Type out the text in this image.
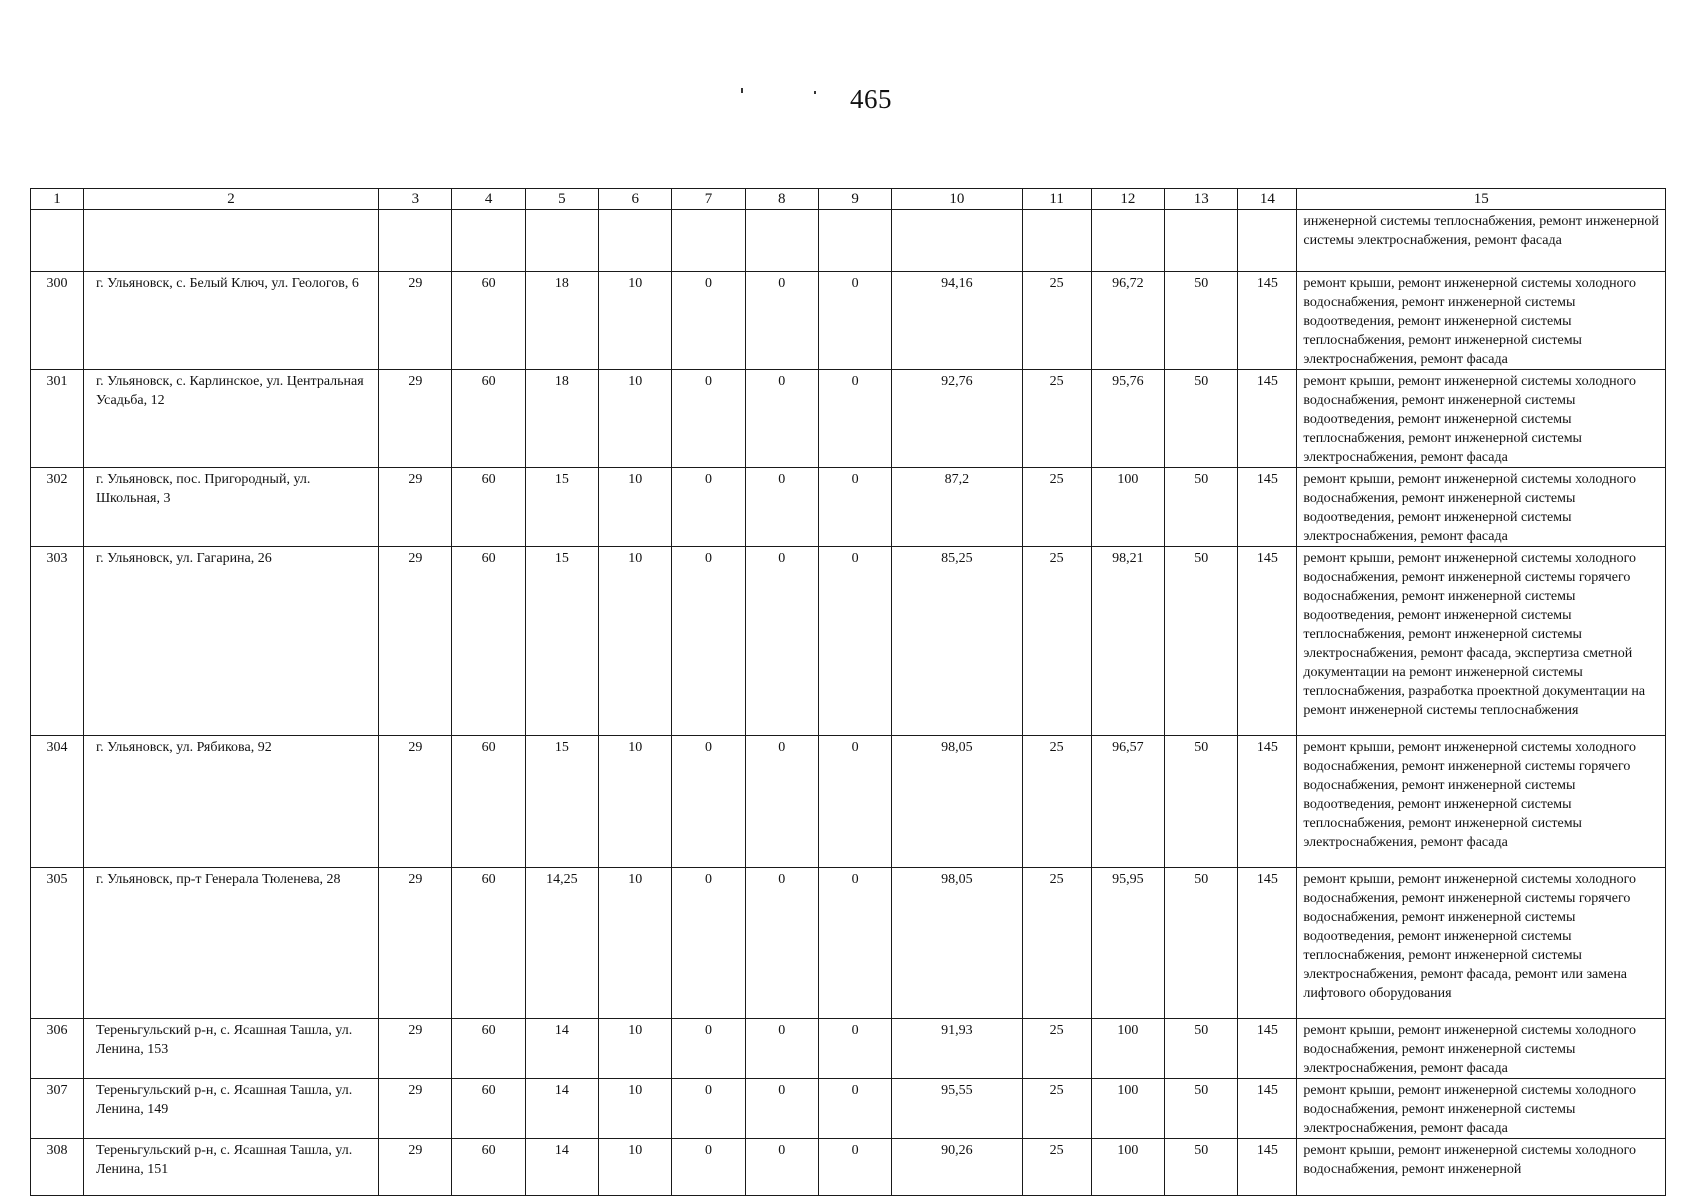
465
1	2	3	4	5	6	7	8	9	10	11	12	13	14	15
														инженерной системы теплоснабжения, ремонт инженерной системы электроснабжения, ремонт фасада
300	г. Ульяновск, с. Белый Ключ, ул. Геологов, 6	29	60	18	10	0	0	0	94,16	25	96,72	50	145	ремонт крыши, ремонт инженерной системы холодного водоснабжения, ремонт инженерной системы водоотведения, ремонт инженерной системы теплоснабжения, ремонт инженерной системы электроснабжения, ремонт фасада
301	г. Ульяновск, с. Карлинское, ул. Центральная Усадьба, 12	29	60	18	10	0	0	0	92,76	25	95,76	50	145	ремонт крыши, ремонт инженерной системы холодного водоснабжения, ремонт инженерной системы водоотведения, ремонт инженерной системы теплоснабжения, ремонт инженерной системы электроснабжения, ремонт фасада
302	г. Ульяновск, пос. Пригородный, ул. Школьная, 3	29	60	15	10	0	0	0	87,2	25	100	50	145	ремонт крыши, ремонт инженерной системы холодного водоснабжения, ремонт инженерной системы водоотведения, ремонт инженерной системы электроснабжения, ремонт фасада
303	г. Ульяновск, ул. Гагарина, 26	29	60	15	10	0	0	0	85,25	25	98,21	50	145	ремонт крыши, ремонт инженерной системы холодного водоснабжения, ремонт инженерной системы горячего водоснабжения, ремонт инженерной системы водоотведения, ремонт инженерной системы теплоснабжения, ремонт инженерной системы электроснабжения, ремонт фасада, экспертиза сметной документации на ремонт инженерной системы теплоснабжения, разработка проектной документации на ремонт инженерной системы теплоснабжения
304	г. Ульяновск, ул. Рябикова, 92	29	60	15	10	0	0	0	98,05	25	96,57	50	145	ремонт крыши, ремонт инженерной системы холодного водоснабжения, ремонт инженерной системы горячего водоснабжения, ремонт инженерной системы водоотведения, ремонт инженерной системы теплоснабжения, ремонт инженерной системы электроснабжения, ремонт фасада
305	г. Ульяновск, пр-т Генерала Тюленева, 28	29	60	14,25	10	0	0	0	98,05	25	95,95	50	145	ремонт крыши, ремонт инженерной системы холодного водоснабжения, ремонт инженерной системы горячего водоснабжения, ремонт инженерной системы водоотведения, ремонт инженерной системы теплоснабжения, ремонт инженерной системы электроснабжения, ремонт фасада, ремонт или замена лифтового оборудования
306	Тереньгульский р-н, с. Ясашная Ташла, ул. Ленина, 153	29	60	14	10	0	0	0	91,93	25	100	50	145	ремонт крыши, ремонт инженерной системы холодного водоснабжения, ремонт инженерной системы электроснабжения, ремонт фасада
307	Тереньгульский р-н, с. Ясашная Ташла, ул. Ленина, 149	29	60	14	10	0	0	0	95,55	25	100	50	145	ремонт крыши, ремонт инженерной системы холодного водоснабжения, ремонт инженерной системы электроснабжения, ремонт фасада
308	Тереньгульский р-н, с. Ясашная Ташла, ул. Ленина, 151	29	60	14	10	0	0	0	90,26	25	100	50	145	ремонт крыши, ремонт инженерной системы холодного водоснабжения, ремонт инженерной
